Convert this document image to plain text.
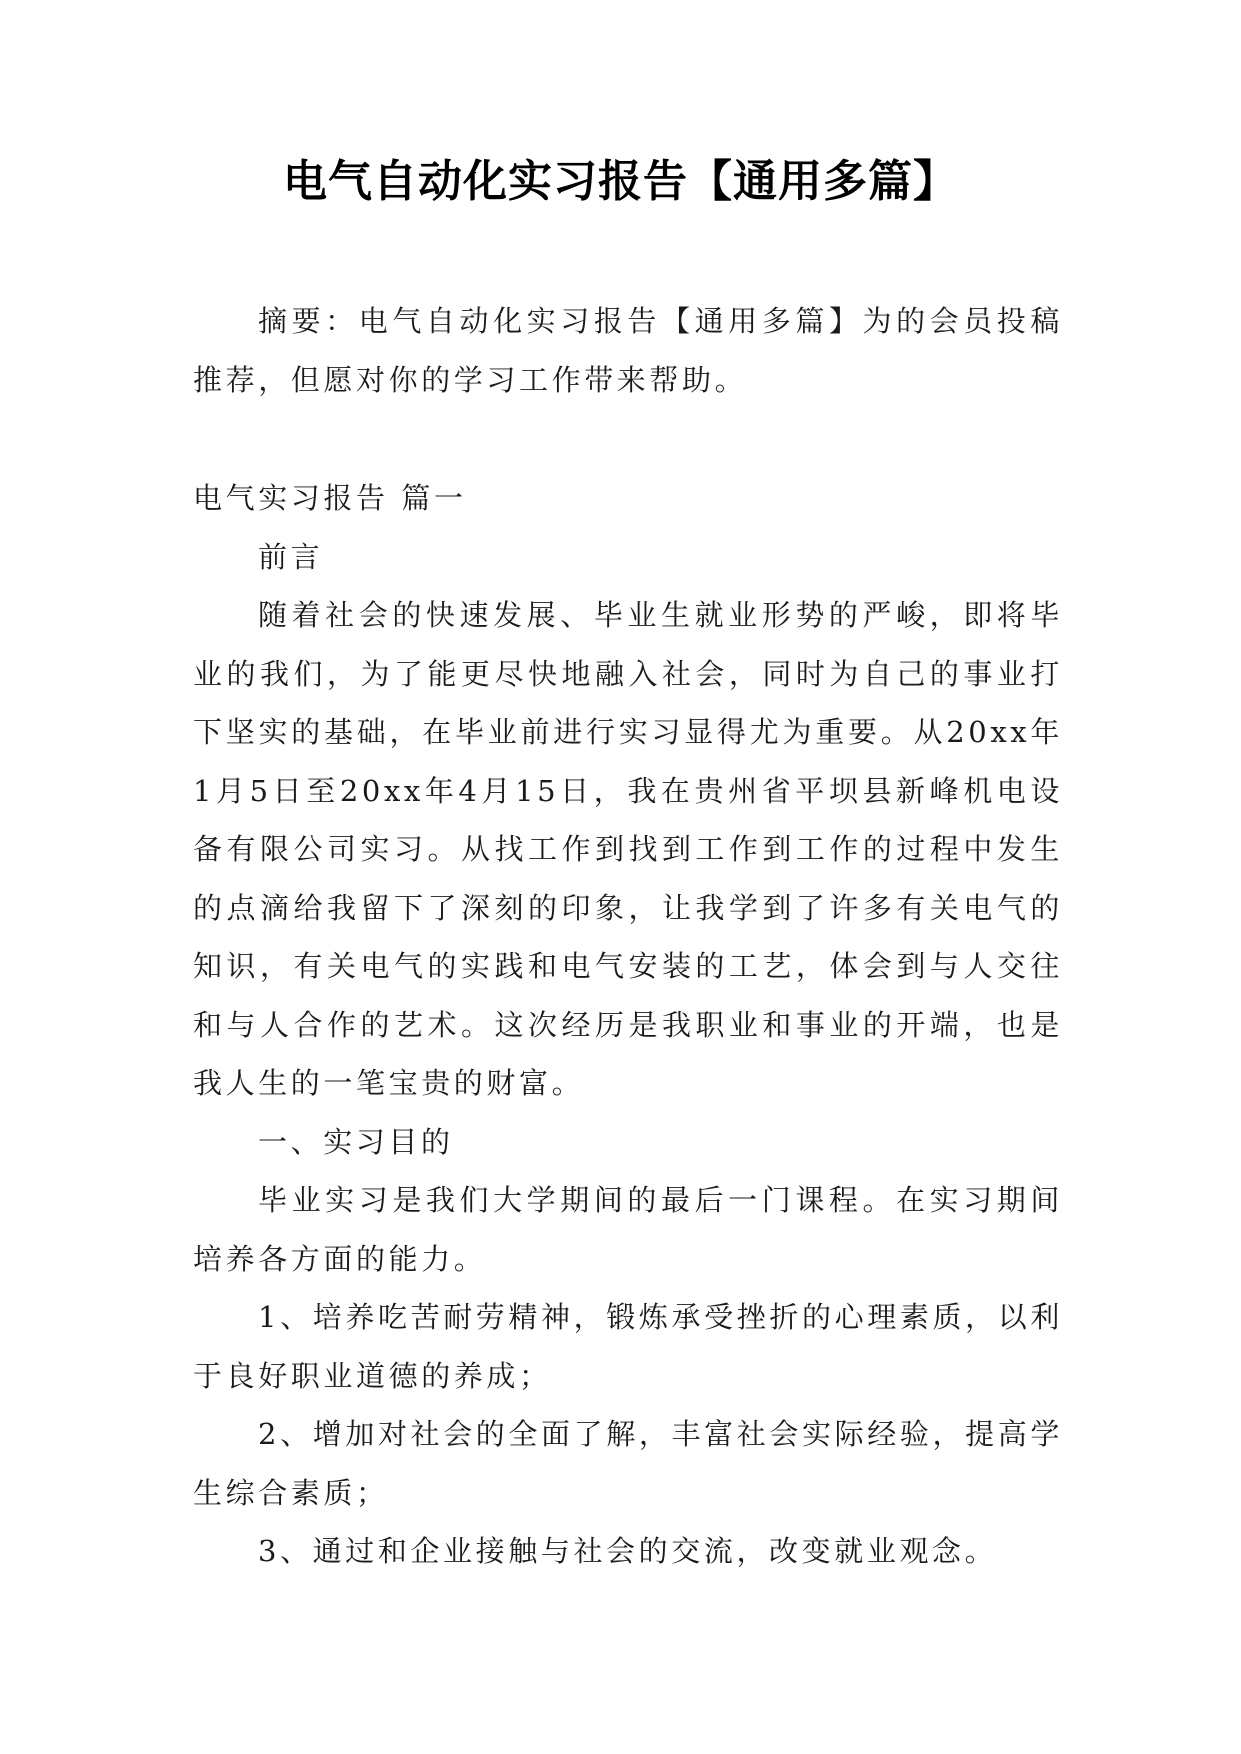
电气自动化实习报告【通用多篇】

摘要：电气自动化实习报告【通用多篇】为的会员投稿推荐，但愿对你的学习工作带来帮助。

电气实习报告 篇一

前言

随着社会的快速发展、毕业生就业形势的严峻，即将毕业的我们，为了能更尽快地融入社会，同时为自己的事业打下坚实的基础，在毕业前进行实习显得尤为重要。从20xx年1月5日至20xx年4月15日，我在贵州省平坝县新峰机电设备有限公司实习。从找工作到找到工作到工作的过程中发生的点滴给我留下了深刻的印象，让我学到了许多有关电气的知识，有关电气的实践和电气安装的工艺，体会到与人交往和与人合作的艺术。这次经历是我职业和事业的开端，也是我人生的一笔宝贵的财富。

一、实习目的

毕业实习是我们大学期间的最后一门课程。在实习期间培养各方面的能力。

1、培养吃苦耐劳精神，锻炼承受挫折的心理素质，以利于良好职业道德的养成；

2、增加对社会的全面了解，丰富社会实际经验，提高学生综合素质；

3、通过和企业接触与社会的交流，改变就业观念。
